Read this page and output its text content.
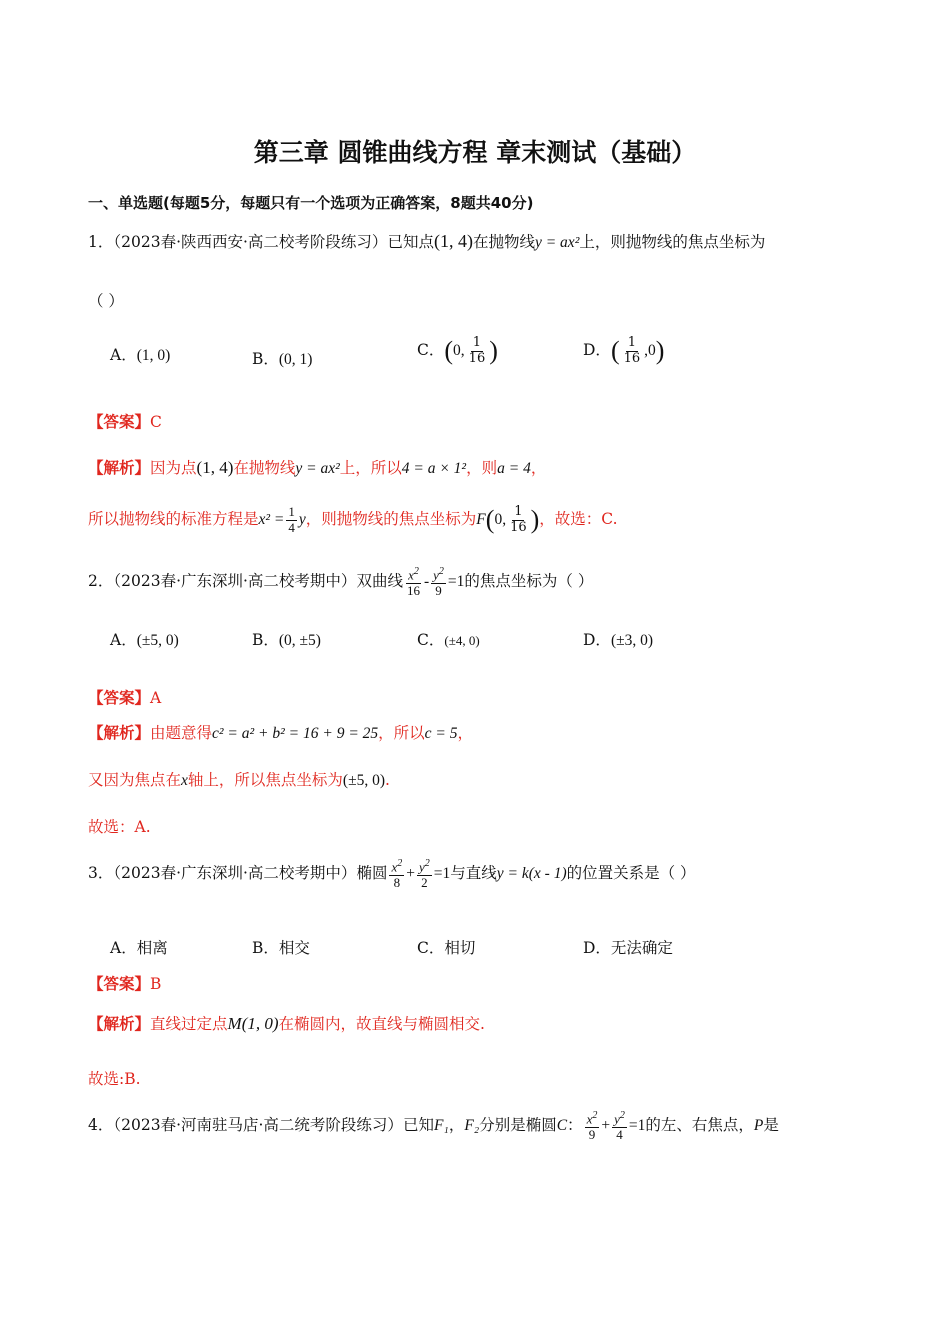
第三章 圆锥曲线方程 章末测试（基础）
一、单选题(每题5分，每题只有一个选项为正确答案，8题共40分)
1．（2023春·陕西西安·高二校考阶段练习）已知点(1, 4)在抛物线y = ax²上，则抛物线的焦点坐标为
（ ）
A．(1, 0)	B．(0, 1)
C．(0, $\frac{1}{16}$ )	D．( $\frac{1}{16} ,0$)
【答案】C
【解析】因为点(1, 4)在抛物线y = ax²上，所以4 = a × 1²，则a = 4，
所以抛物线的标准方程是$x^2 = \frac{1}{4}$ y，则抛物线的焦点坐标为F(0, $\frac{1}{16}$ )，故选：C.
2．（2023春·广东深圳·高二校考期中）双曲线 $\frac{x^2}{16} - \frac{y^2}{9} =1$的焦点坐标为（ ）
A．(±5, 0)	B．(0, ±5)	C．(±4, 0)	D．(±3, 0)
【答案】A
【解析】由题意得c² = a² + b² = 16 + 9 = 25，所以c = 5，
又因为焦点在x轴上，所以焦点坐标为(±5, 0).
故选：A.
3．（2023春·广东深圳·高二校考期中）椭圆 $\frac{x^2}{8} + \frac{y^2}{2} =1$与直线y = k(x - 1)的位置关系是（ ）
A．相离	B．相交	C．相切	D．无法确定
【答案】B
【解析】直线过定点M(1, 0)在椭圆内，故直线与椭圆相交.
故选:B.
4．（2023春·河南驻马店·高二统考阶段练习）已知F₁，F₂分别是椭圆C： $\frac{x^2}{9} + \frac{y^2}{4} =1$的左、右焦点，P是
